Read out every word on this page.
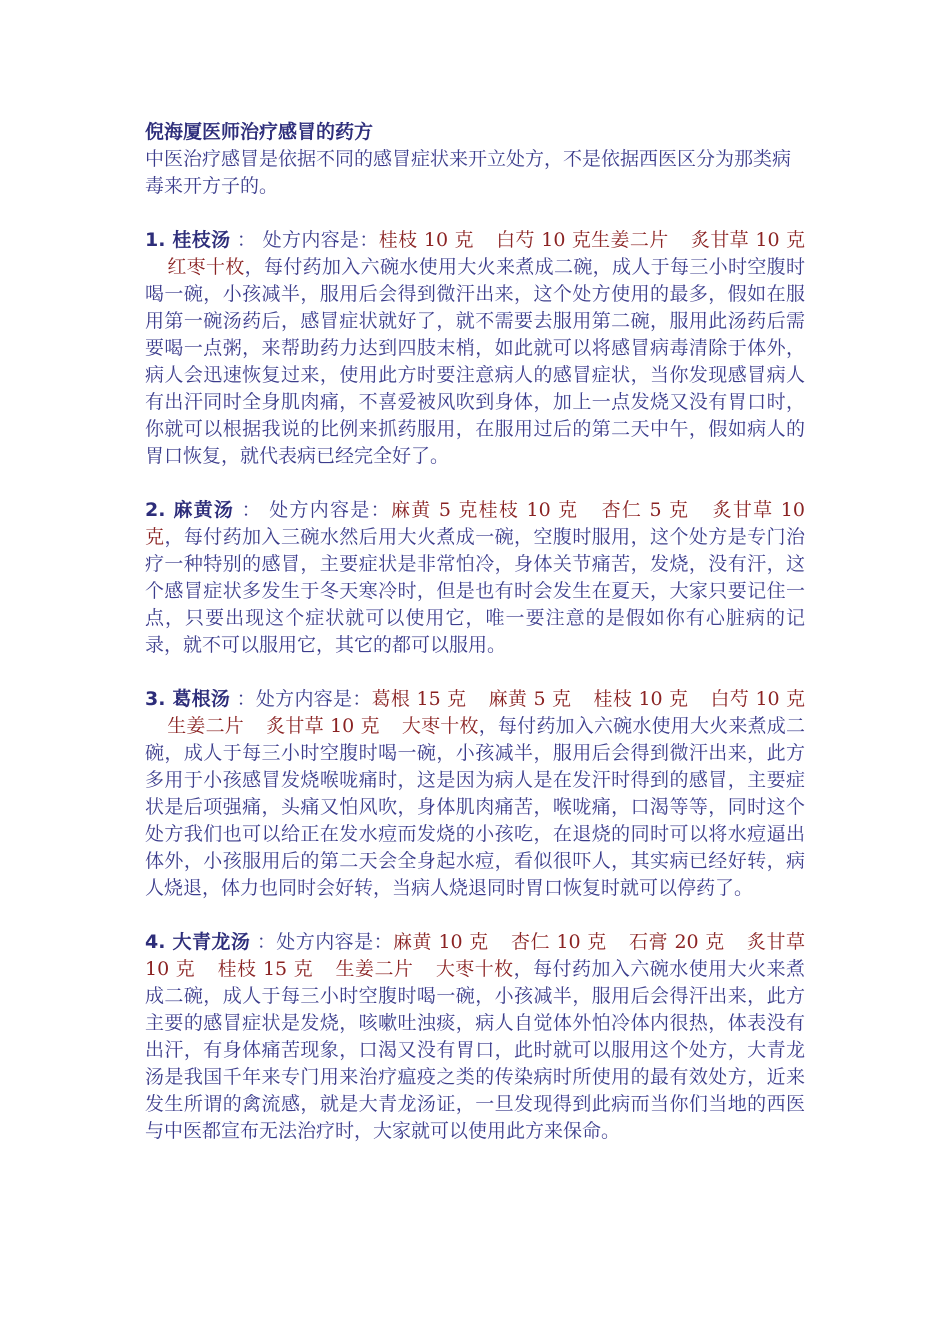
倪海厦医师治疗感冒的药方

中医治疗感冒是依据不同的感冒症状来开立处方，不是依据西医区分为那类病毒来开方子的。

1. 桂枝汤 ： 处方内容是：桂枝 10 克 白芍 10 克生姜二片 炙甘草 10 克红枣十枚，每付药加入六碗水使用大火来煮成二碗，成人于每三小时空腹时喝一碗，小孩减半，服用后会得到微汗出来，这个处方使用的最多，假如在服用第一碗汤药后，感冒症状就好了，就不需要去服用第二碗，服用此汤药后需要喝一点粥，来帮助药力达到四肢末梢，如此就可以将感冒病毒清除于体外，病人会迅速恢复过来，使用此方时要注意病人的感冒症状，当你发现感冒病人有出汗同时全身肌肉痛，不喜爱被风吹到身体，加上一点发烧又没有胃口时，你就可以根据我说的比例来抓药服用，在服用过后的第二天中午，假如病人的胃口恢复，就代表病已经完全好了。

2. 麻黄汤 ： 处方内容是：麻黄 5 克桂枝 10 克 杏仁 5 克 炙甘草 10 克，每付药加入三碗水然后用大火煮成一碗，空腹时服用，这个处方是专门治疗一种特别的感冒，主要症状是非常怕冷，身体关节痛苦，发烧，没有汗，这个感冒症状多发生于冬天寒冷时，但是也有时会发生在夏天，大家只要记住一点，只要出现这个症状就可以使用它，唯一要注意的是假如你有心脏病的记录，就不可以服用它，其它的都可以服用。

3. 葛根汤 ：处方内容是：葛根 15 克 麻黄 5 克 桂枝 10 克 白芍 10 克生姜二片 炙甘草 10 克 大枣十枚，每付药加入六碗水使用大火来煮成二碗，成人于每三小时空腹时喝一碗，小孩减半，服用后会得到微汗出来，此方多用于小孩感冒发烧喉咙痛时，这是因为病人是在发汗时得到的感冒，主要症状是后项强痛，头痛又怕风吹，身体肌肉痛苦，喉咙痛，口渴等等，同时这个处方我们也可以给正在发水痘而发烧的小孩吃，在退烧的同时可以将水痘逼出体外，小孩服用后的第二天会全身起水痘，看似很吓人，其实病已经好转，病人烧退，体力也同时会好转，当病人烧退同时胃口恢复时就可以停药了。

4. 大青龙汤 ：处方内容是：麻黄 10 克 杏仁 10 克 石膏 20 克 炙甘草 10 克 桂枝 15 克 生姜二片 大枣十枚，每付药加入六碗水使用大火来煮成二碗，成人于每三小时空腹时喝一碗，小孩减半，服用后会得汗出来，此方主要的感冒症状是发烧，咳嗽吐浊痰，病人自觉体外怕冷体内很热，体表没有出汗，有身体痛苦现象，口渴又没有胃口，此时就可以服用这个处方，大青龙汤是我国千年来专门用来治疗瘟疫之类的传染病时所使用的最有效处方，近来发生所谓的禽流感，就是大青龙汤证，一旦发现得到此病而当你们当地的西医与中医都宣布无法治疗时，大家就可以使用此方来保命。
